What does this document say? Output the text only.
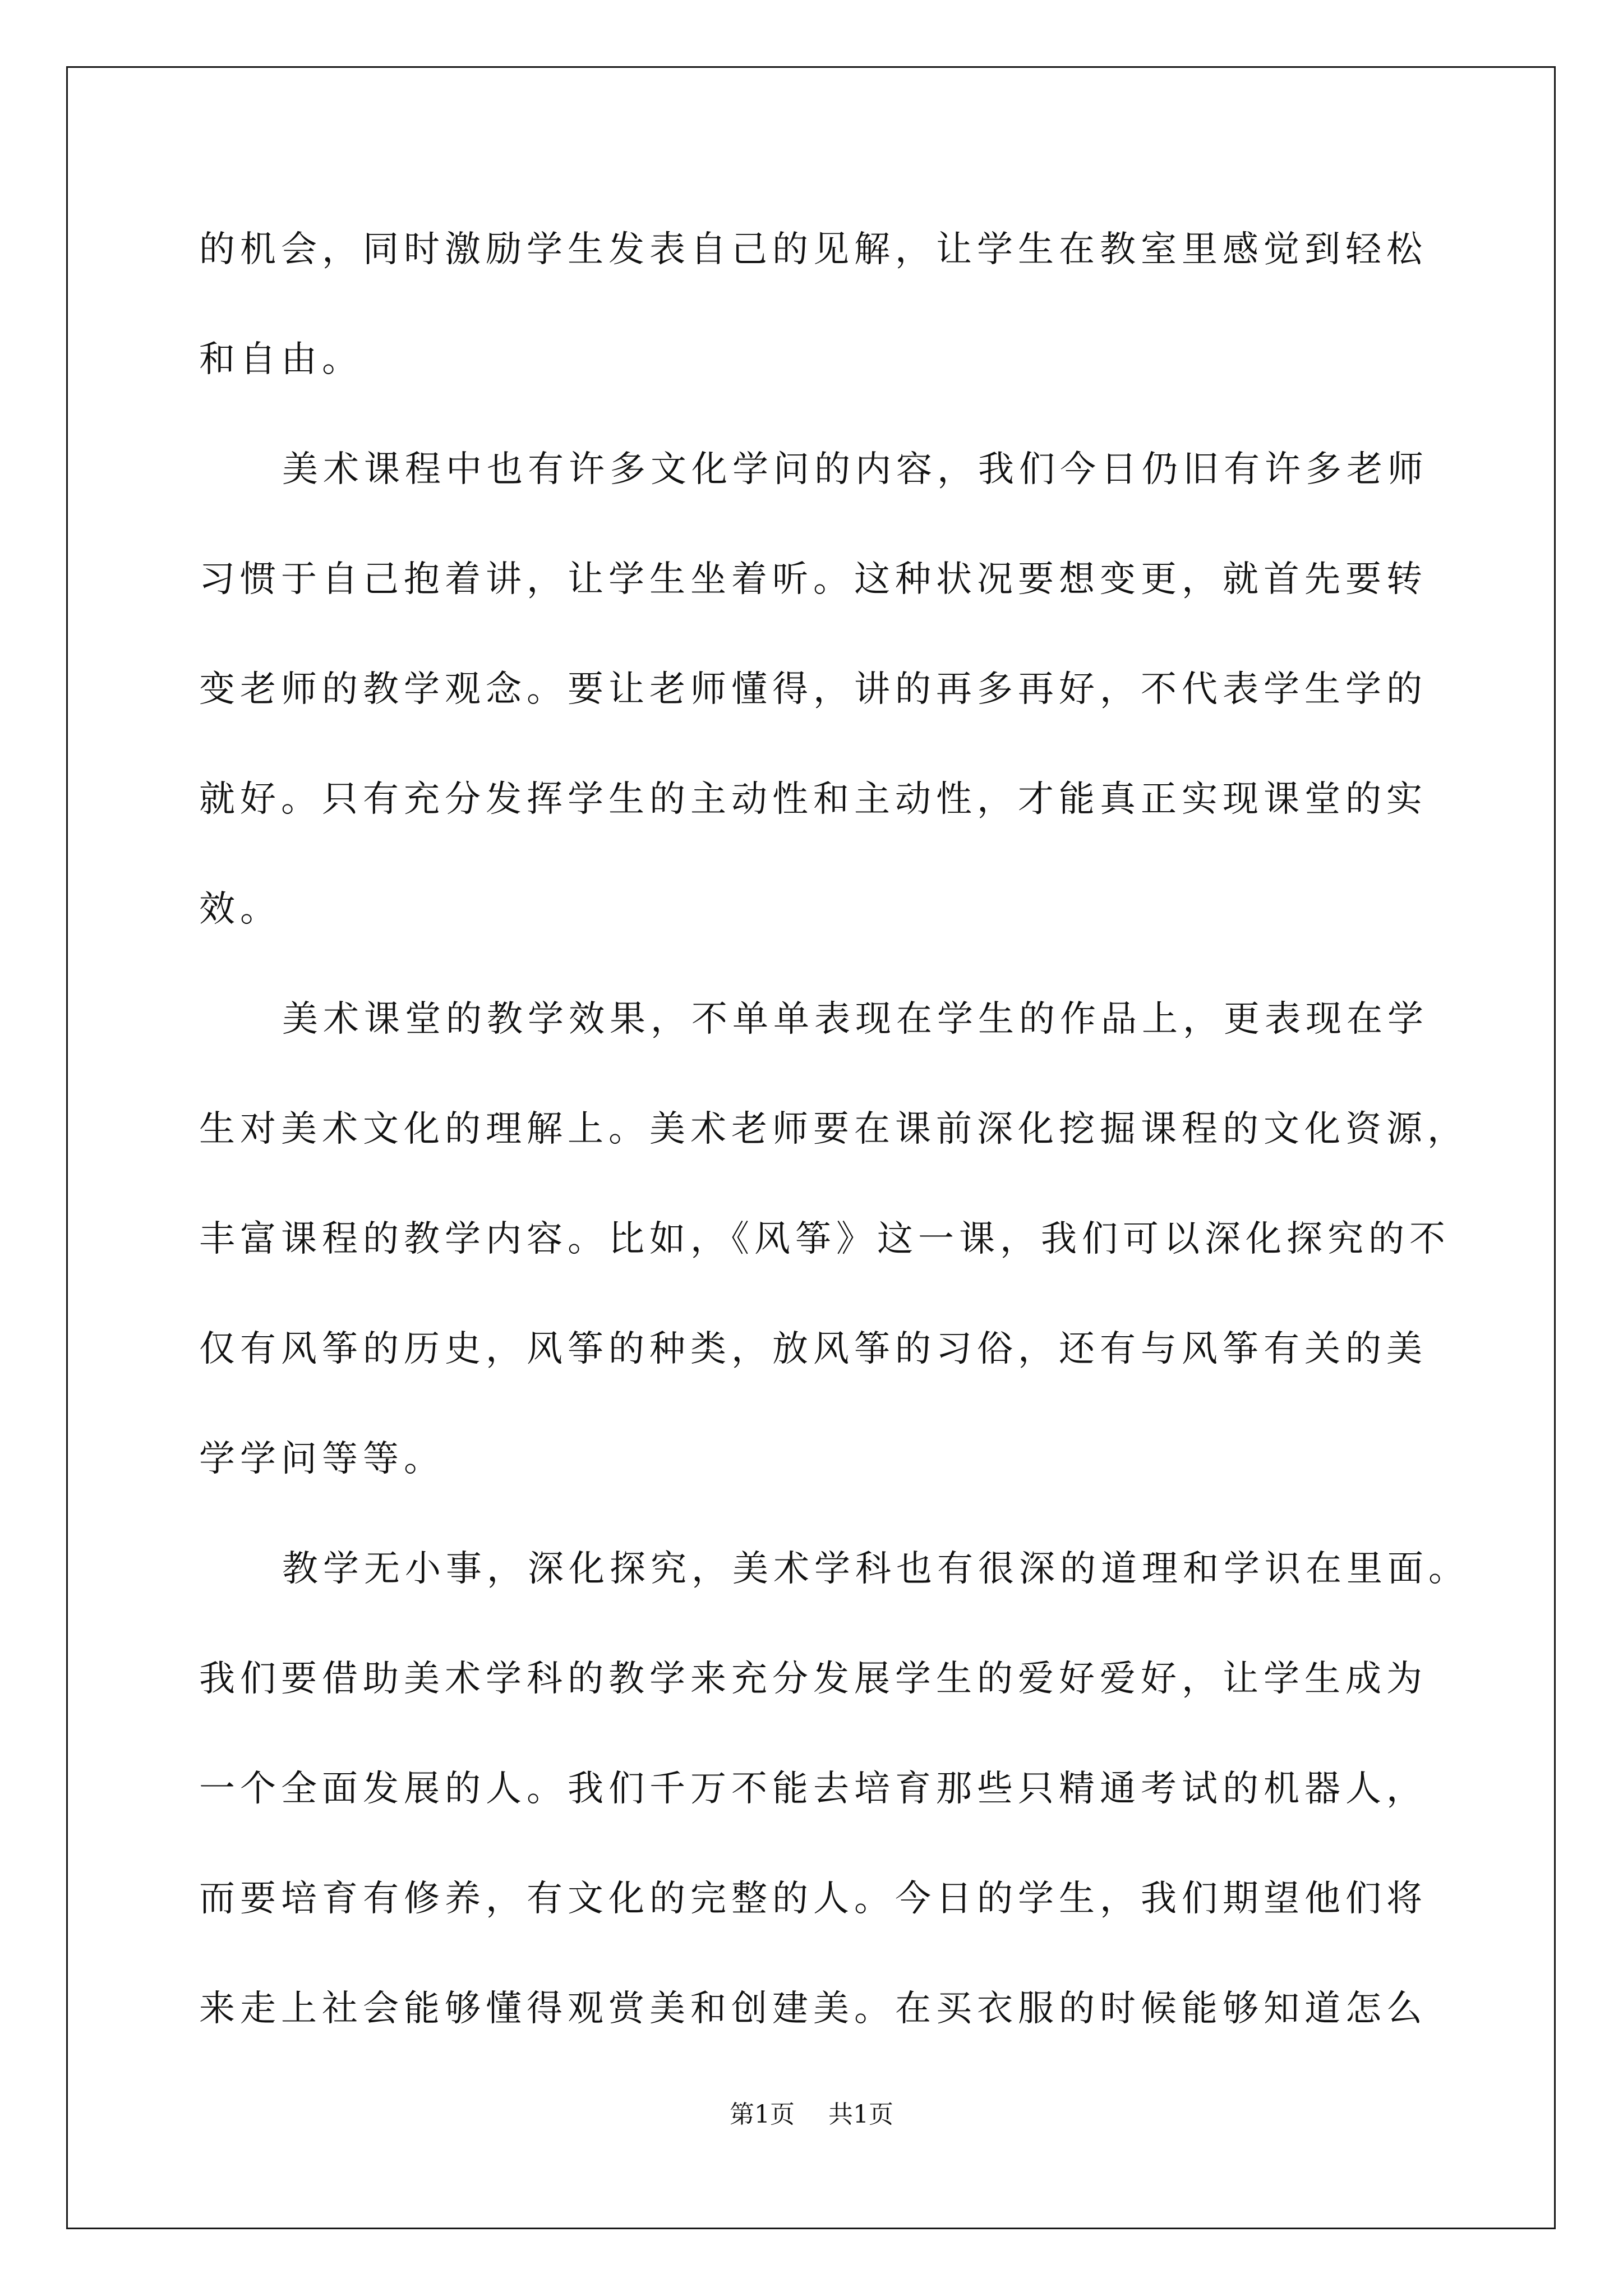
的机会，同时激励学生发表自己的见解，让学生在教室里感觉到轻松
和自由。
美术课程中也有许多文化学问的内容，我们今日仍旧有许多老师
习惯于自己抱着讲，让学生坐着听。这种状况要想变更，就首先要转
变老师的教学观念。要让老师懂得，讲的再多再好，不代表学生学的
就好。只有充分发挥学生的主动性和主动性，才能真正实现课堂的实
效。
美术课堂的教学效果，不单单表现在学生的作品上，更表现在学
生对美术文化的理解上。美术老师要在课前深化挖掘课程的文化资源，
丰富课程的教学内容。比如，《风筝》这一课，我们可以深化探究的不
仅有风筝的历史，风筝的种类，放风筝的习俗，还有与风筝有关的美
学学问等等。
教学无小事，深化探究，美术学科也有很深的道理和学识在里面。
我们要借助美术学科的教学来充分发展学生的爱好爱好，让学生成为
一个全面发展的人。我们千万不能去培育那些只精通考试的机器人，
而要培育有修养，有文化的完整的人。今日的学生，我们期望他们将
来走上社会能够懂得观赏美和创建美。在买衣服的时候能够知道怎么
第1页 共1页
